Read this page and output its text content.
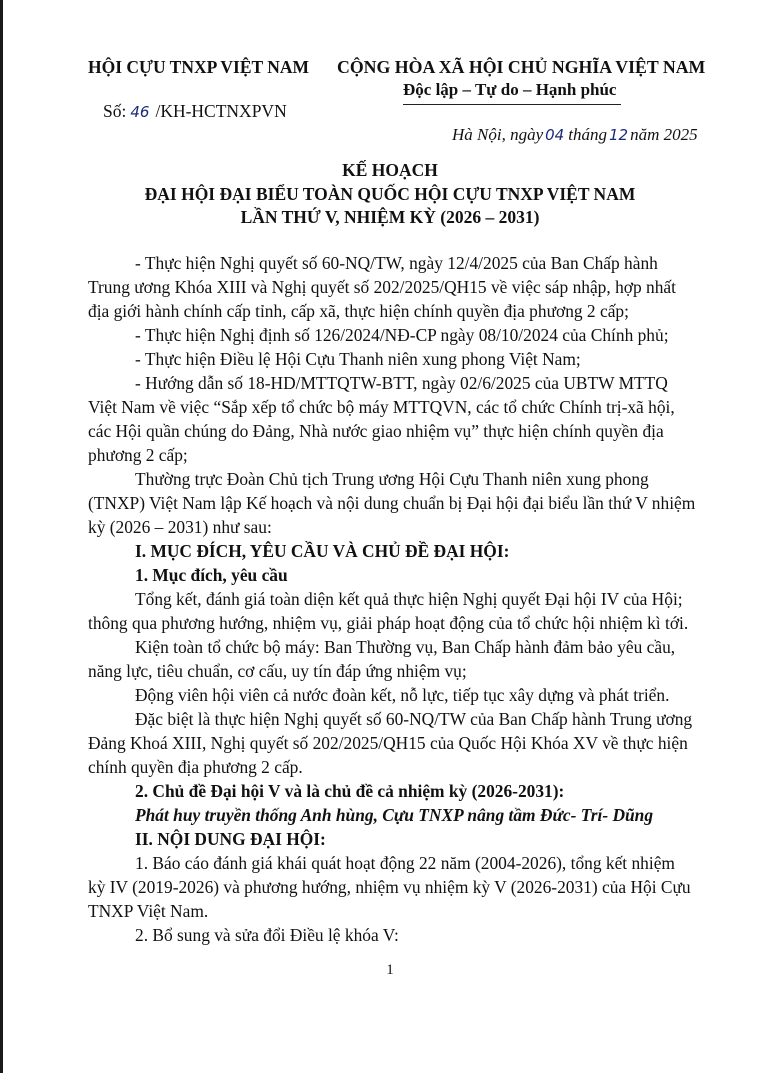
HỘI CỰU TNXP VIỆT NAM
Số: 46 /KH-HCTNXPVN
CỘNG HÒA XÃ HỘI CHỦ NGHĨA VIỆT NAM
Độc lập – Tự do – Hạnh phúc
Hà Nội, ngày 04 tháng 12 năm 2025
KẾ HOẠCH
ĐẠI HỘI ĐẠI BIỂU TOÀN QUỐC HỘI CỰU TNXP VIỆT NAM
LẦN THỨ V, NHIỆM KỲ (2026 – 2031)
- Thực hiện Nghị quyết số 60-NQ/TW, ngày 12/4/2025 của Ban Chấp hành
Trung ương Khóa XIII và Nghị quyết số 202/2025/QH15 về việc sáp nhập, hợp nhất
địa giới hành chính cấp tỉnh, cấp xã, thực hiện chính quyền địa phương 2 cấp;
- Thực hiện Nghị định số 126/2024/NĐ-CP ngày 08/10/2024 của Chính phủ;
- Thực hiện Điều lệ Hội Cựu Thanh niên xung phong Việt Nam;
- Hướng dẫn số 18-HD/MTTQTW-BTT, ngày 02/6/2025 của UBTW MTTQ
Việt Nam về việc “Sắp xếp tổ chức bộ máy MTTQVN, các tổ chức Chính trị-xã hội,
các Hội quần chúng do Đảng, Nhà nước giao nhiệm vụ” thực hiện chính quyền địa
phương 2 cấp;
Thường trực Đoàn Chủ tịch Trung ương Hội Cựu Thanh niên xung phong
(TNXP) Việt Nam lập Kế hoạch và nội dung chuẩn bị Đại hội đại biểu lần thứ V nhiệm
kỳ (2026 – 2031) như sau:
I. MỤC ĐÍCH, YÊU CẦU VÀ CHỦ ĐỀ ĐẠI HỘI:
1. Mục đích, yêu cầu
Tổng kết, đánh giá toàn diện kết quả thực hiện Nghị quyết Đại hội IV của Hội;
thông qua phương hướng, nhiệm vụ, giải pháp hoạt động của tổ chức hội nhiệm kì tới.
Kiện toàn tổ chức bộ máy: Ban Thường vụ, Ban Chấp hành đảm bảo yêu cầu,
năng lực, tiêu chuẩn, cơ cấu, uy tín đáp ứng nhiệm vụ;
Động viên hội viên cả nước đoàn kết, nỗ lực, tiếp tục xây dựng và phát triển.
Đặc biệt là thực hiện Nghị quyết số 60-NQ/TW của Ban Chấp hành Trung ương
Đảng Khoá XIII, Nghị quyết số 202/2025/QH15 của Quốc Hội Khóa XV về thực hiện
chính quyền địa phương 2 cấp.
2. Chủ đề Đại hội V và là chủ đề cả nhiệm kỳ (2026-2031):
Phát huy truyền thống Anh hùng, Cựu TNXP nâng tầm Đức- Trí- Dũng
II. NỘI DUNG ĐẠI HỘI:
1. Báo cáo đánh giá khái quát hoạt động 22 năm (2004-2026), tổng kết nhiệm
kỳ IV (2019-2026) và phương hướng, nhiệm vụ nhiệm kỳ V (2026-2031) của Hội Cựu
TNXP Việt Nam.
2. Bổ sung và sửa đổi Điều lệ khóa V:
1
